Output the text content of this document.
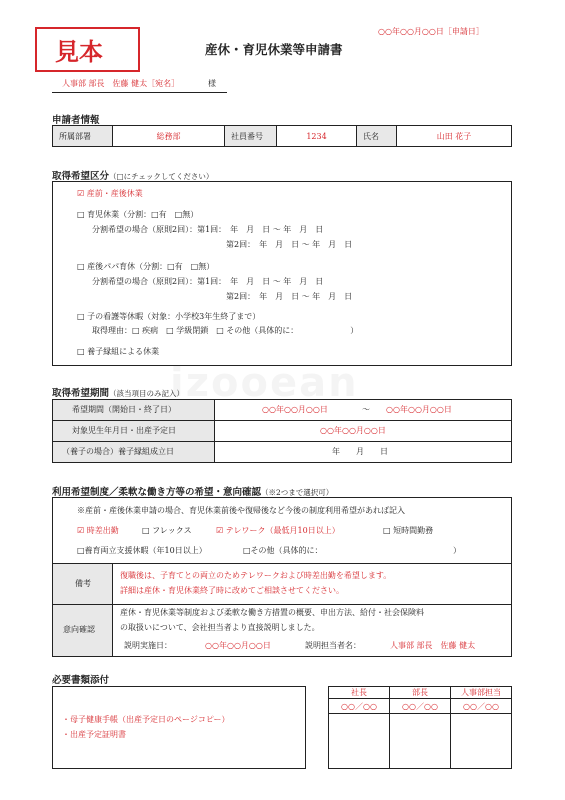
見本
○○年○○月○○日［申請日］
産休・育児休業等申請書
人事部 部長　佐藤 健太［宛名］	様
申請者情報
所属部署	総務部	社員番号	1234	氏名	山田 花子
取得希望区分（□にチェックしてください）
☑ 産前・産後休業
□ 育児休業（分割：□有　□無）
分割希望の場合（原則2回）：第1回：　年　月　日 ～ 年　月　日
第2回：　年　月　日 ～ 年　月　日
□ 産後パパ育休（分割：□有　□無）
分割希望の場合（原則2回）：第1回：　年　月　日 ～ 年　月　日
第2回：　年　月　日 ～ 年　月　日
□ 子の看護等休暇（対象：小学校3年生終了まで）
取得理由：□ 疾病　□ 学級閉鎖　□ その他（具体的に：　　　　　　　）
□ 養子縁組による休業
取得希望期間（該当項目のみ記入）
希望期間（開始日・終了日）	○○年○○月○○日	～ ○○年○○月○○日
対象児生年月日・出産予定日	○○年○○月○○日
（養子の場合）養子縁組成立日	年　　月　　日
利用希望制度／柔軟な働き方等の希望・意向確認（※2つまで選択可）
※産前・産後休業申請の場合、育児休業前後や復帰後など今後の制度利用希望があれば記入
☑ 時差出勤	□ フレックス	☑ テレワーク（最低月10日以上）	□ 短時間勤務
□養育両立支援休暇（年10日以上）	□その他（具体的に：	）
備考
復職後は、子育てとの両立のためテレワークおよび時差出勤を希望します。
詳細は産休・育児休業終了時に改めてご相談させてください。
意向確認
産休・育児休業等制度および柔軟な働き方措置の概要、申出方法、給付・社会保険料
の取扱いについて、会社担当者より直接説明しました。
説明実施日：	○○年○○月○○日	説明担当者名：	人事部 部長　佐藤 健太
必要書類添付
・母子健康手帳（出産予定日のページコピー）
・出産予定証明書
社長	部長	人事部担当
○○／○○	○○／○○	○○／○○
